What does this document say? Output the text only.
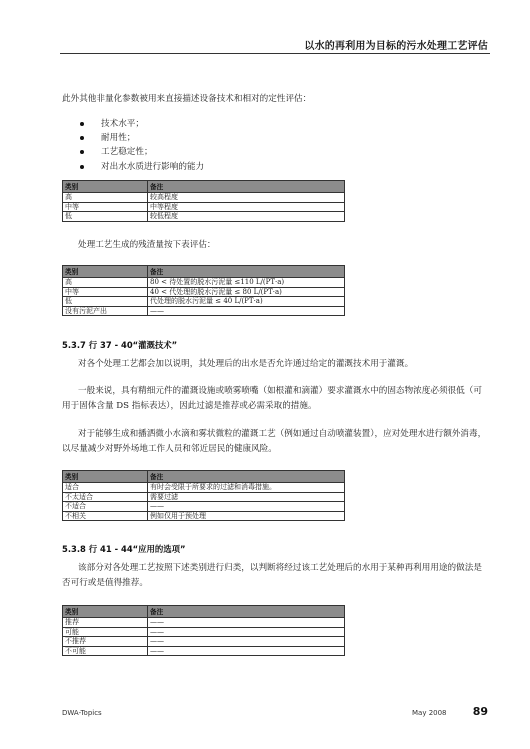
以水的再利用为目标的污水处理工艺评估

此外其他非量化参数被用来直接描述设备技术和相对的定性评估：

技术水平；
耐用性；
工艺稳定性；
对出水水质进行影响的能力
类别	备注
高	较高程度
中等	中等程度
低	较低程度

处理工艺生成的残渣量按下表评估：

类别	备注
高	80 < 待处置的脱水污泥量 ≤110 L/(PT·a)
中等	40 < 代处理的脱水污泥量 ≤ 80 L/(PT·a)
低	代处理的脱水污泥量 ≤ 40 L/(PT·a)
没有污泥产出	——
5.3.7 行 37 - 40“灌溉技术”

对各个处理工艺都会加以说明，其处理后的出水是否允许通过给定的灌溉技术用于灌溉。

一般来说，具有精细元件的灌溉设施或喷雾喷嘴（如根灌和滴灌）要求灌溉水中的固态物浓度必须很低（可用于固体含量 DS 指标表达），因此过滤是推荐或必需采取的措施。

对于能够生成和播洒微小水滴和雾状微粒的灌溉工艺（例如通过自动喷灌装置），应对处理水进行额外消毒，以尽量减少对野外场地工作人员和邻近居民的健康风险。

类别	备注
适合	有时会受限于所要求的过滤和消毒措施。
不太适合	需要过滤
不适合	——
不相关	例如仅用于预处理
5.3.8 行 41 - 44“应用的选项”

该部分对各处理工艺按照下述类别进行归类，以判断将经过该工艺处理后的水用于某种再利用用途的做法是否可行或是值得推荐。

类别	备注
推荐	——
可能	——
不推荐	——
不可能	——
DWA-Topics	May 2008 89
